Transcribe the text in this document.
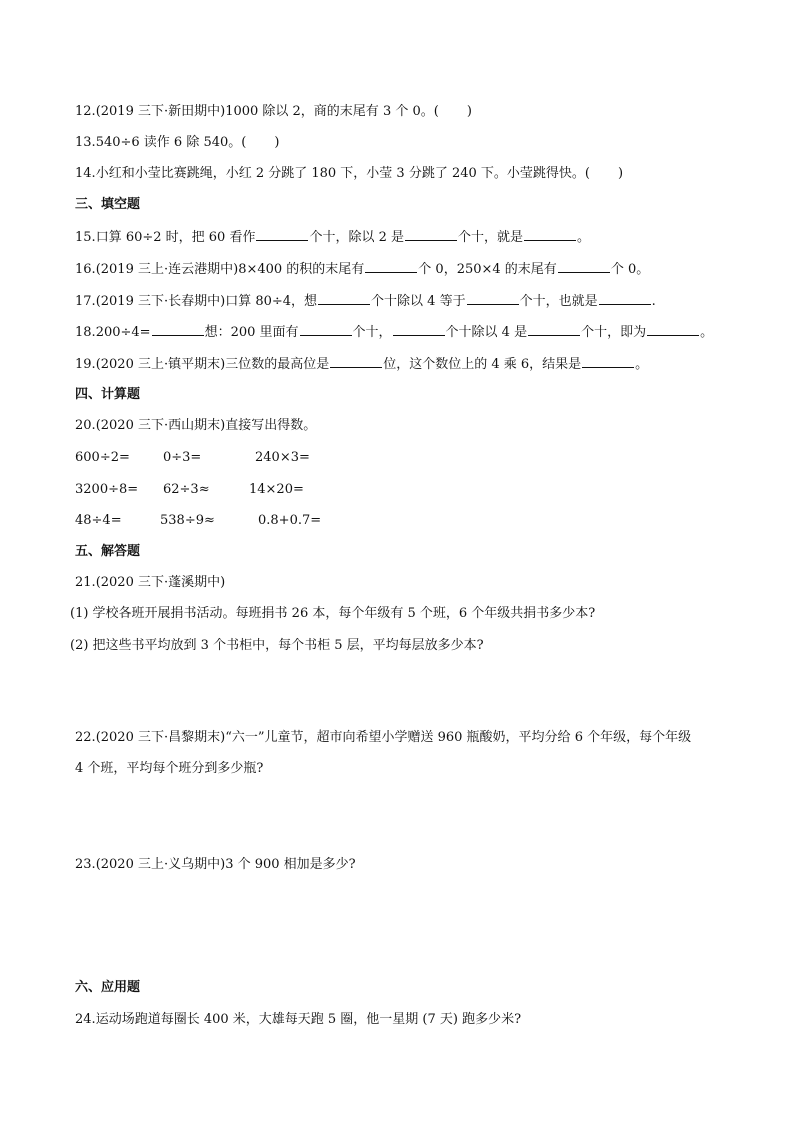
12.(2019 三下·新田期中)1000 除以 2，商的末尾有 3 个 0。( )
13.540÷6 读作 6 除 540。( )
14.小红和小莹比赛跳绳，小红 2 分跳了 180 下，小莹 3 分跳了 240 下。小莹跳得快。( )
三、填空题
15.口算 60÷2 时，把 60 看作	个十，除以 2 是	个十，就是	。
16.(2019 三上·连云港期中)8×400 的积的末尾有	个 0，250×4 的末尾有	个 0。
17.(2019 三下·长春期中)口算 80÷4，想	个十除以 4 等于	个十，也就是	.
18.200÷4=	想：200 里面有	个十，	个十除以 4 是	个十，即为	。
19.(2020 三上·镇平期末)三位数的最高位是	位，这个数位上的 4 乘 6，结果是	。
四、计算题
20.(2020 三下·西山期末)直接写出得数。
600÷2=	0÷3=	240×3=
3200÷8= 62÷3≈	14×20=
48÷4=	538÷9≈	0.8+0.7=
五、解答题
21.(2020 三下·蓬溪期中)
(1) 学校各班开展捐书活动。每班捐书 26 本，每个年级有 5 个班，6 个年级共捐书多少本?
(2) 把这些书平均放到 3 个书柜中，每个书柜 5 层，平均每层放多少本?
22.(2020 三下·昌黎期末)“六一”儿童节，超市向希望小学赠送 960 瓶酸奶，平均分给 6 个年级，每个年级
4 个班，平均每个班分到多少瓶?
23.(2020 三上·义乌期中)3 个 900 相加是多少?
六、应用题
24.运动场跑道每圈长 400 米，大雄每天跑 5 圈，他一星期 (7 天) 跑多少米?
